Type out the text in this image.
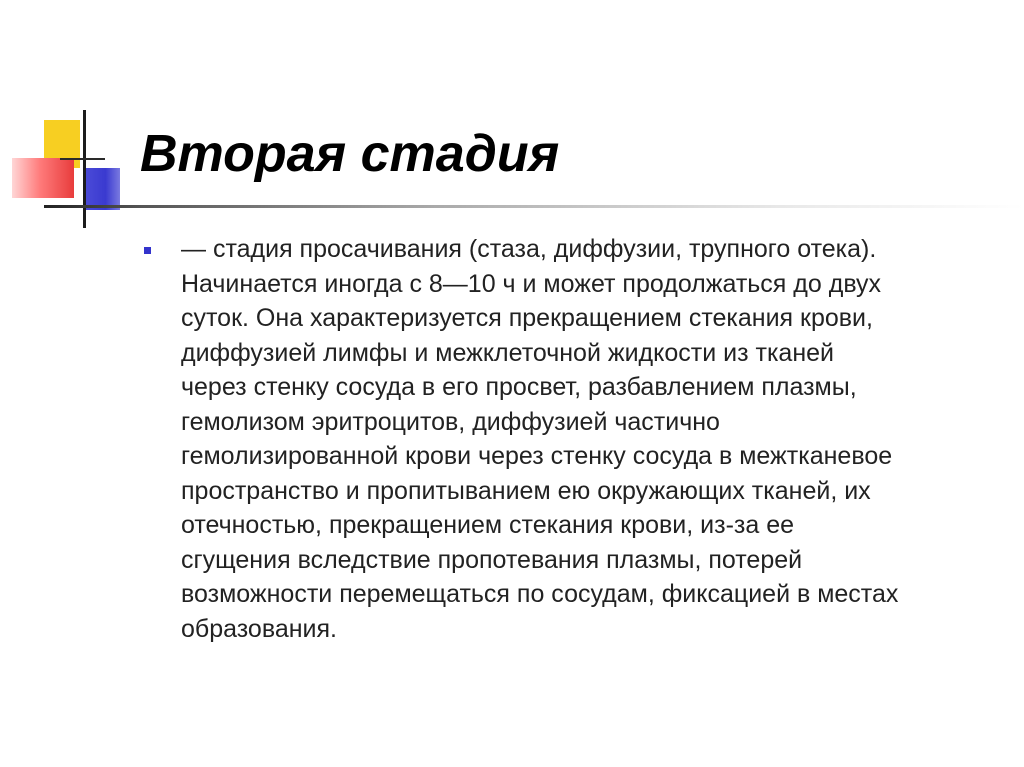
Вторая стадия
— стадия просачивания (стаза, диффузии, трупного отека).
Начинается иногда с 8—10 ч и может продолжаться до двух
суток. Она характеризуется прекращением стекания крови,
диффузией лимфы и межклеточной жидкости из тканей
через стенку сосуда в его просвет, разбавлением плазмы,
гемолизом эритроцитов, диффузией частично
гемолизированной крови через стенку сосуда в межтканевое
пространство и пропитыванием ею окружающих тканей, их
отечностью, прекращением стекания крови, из-за ее
сгущения вследствие пропотевания плазмы, потерей
возможности перемещаться по сосудам, фиксацией в местах
образования.
